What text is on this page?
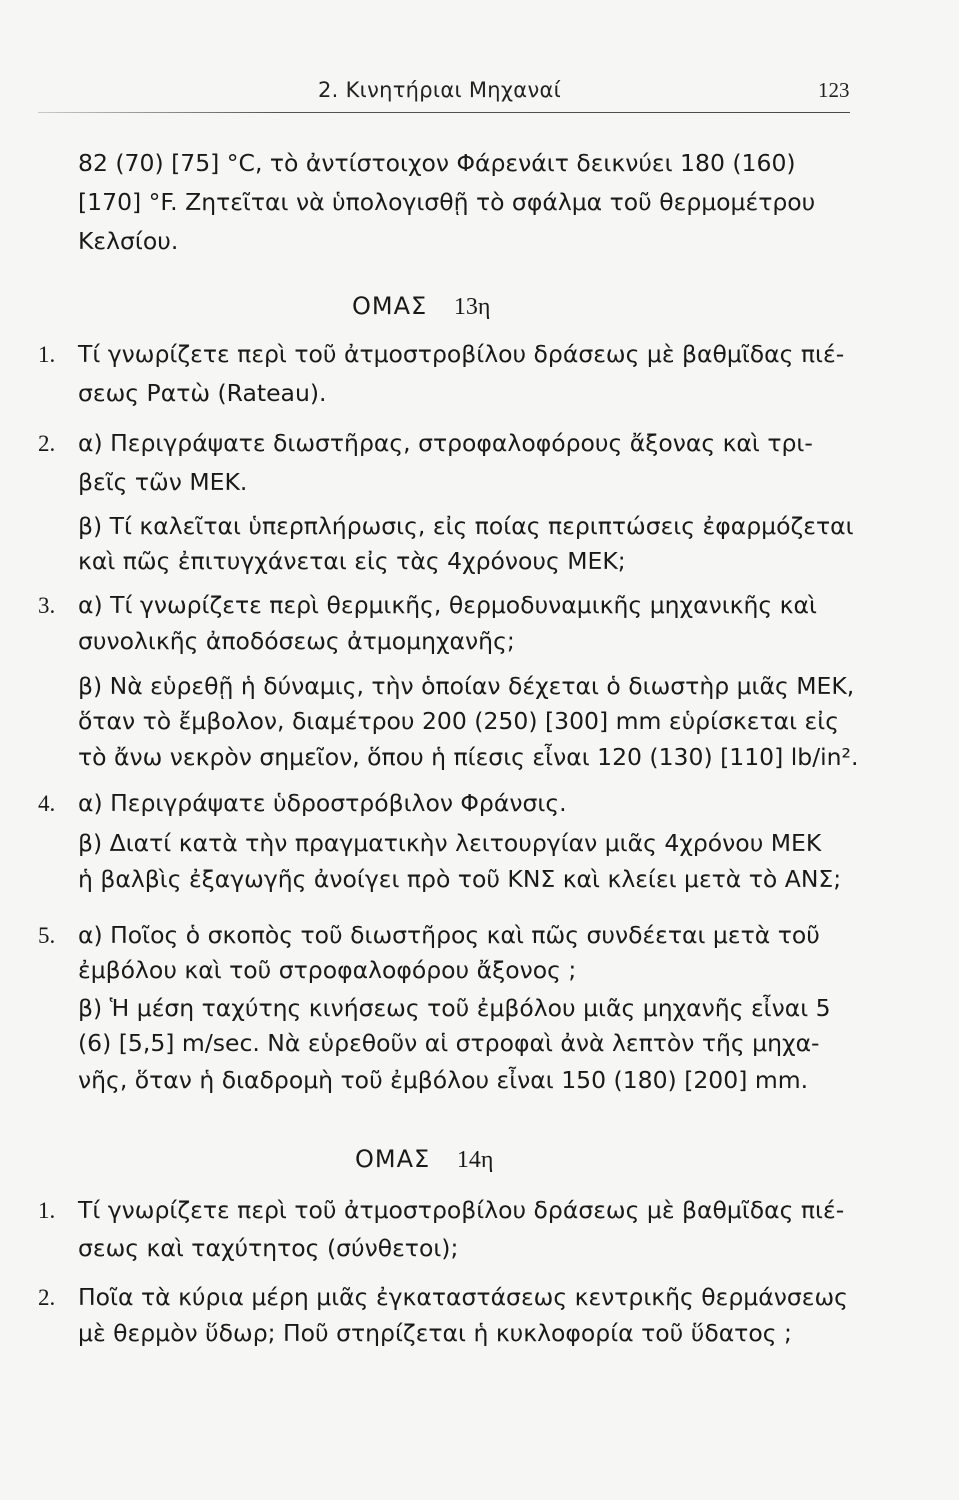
2. Κινητήριαι Μηχαναί	123
82 (70) [75] °C, τὸ ἀντίστοιχον Φάρενάιτ δεικνύει 180 (160)
[170] °F. Ζητεῖται νὰ ὑπολογισθῇ τὸ σφάλμα τοῦ θερμομέτρου
Κελσίου.
ΟΜΑΣ 13η
1. Τί γνωρίζετε περὶ τοῦ ἀτμοστροβίλου δράσεως μὲ βαθμῖδας πιέ-
σεως Ρατὼ (Rateau).
2. α) Περιγράψατε διωστῆρας, στροφαλοφόρους ἄξονας καὶ τρι-
βεῖς τῶν ΜΕΚ.
β) Τί καλεῖται ὑπερπλήρωσις, εἰς ποίας περιπτώσεις ἐφαρμόζεται
καὶ πῶς ἐπιτυγχάνεται εἰς τὰς 4χρόνους ΜΕΚ;
3. α) Τί γνωρίζετε περὶ θερμικῆς, θερμοδυναμικῆς μηχανικῆς καὶ
συνολικῆς ἀποδόσεως ἀτμομηχανῆς;
β) Νὰ εὑρεθῇ ἡ δύναμις, τὴν ὁποίαν δέχεται ὁ διωστὴρ μιᾶς ΜΕΚ,
ὅταν τὸ ἔμβολον, διαμέτρου 200 (250) [300] mm εὑρίσκεται εἰς
τὸ ἄνω νεκρὸν σημεῖον, ὅπου ἡ πίεσις εἶναι 120 (130) [110] lb/in².
4. α) Περιγράψατε ὑδροστρόβιλον Φράνσις.
β) Διατί κατὰ τὴν πραγματικὴν λειτουργίαν μιᾶς 4χρόνου ΜΕΚ
ἡ βαλβὶς ἐξαγωγῆς ἀνοίγει πρὸ τοῦ ΚΝΣ καὶ κλείει μετὰ τὸ ΑΝΣ;
5. α) Ποῖος ὁ σκοπὸς τοῦ διωστῆρος καὶ πῶς συνδέεται μετὰ τοῦ
ἐμβόλου καὶ τοῦ στροφαλοφόρου ἄξονος ;
β) Ἡ μέση ταχύτης κινήσεως τοῦ ἐμβόλου μιᾶς μηχανῆς εἶναι 5
(6) [5,5] m/sec. Νὰ εὑρεθοῦν αἱ στροφαὶ ἀνὰ λεπτὸν τῆς μηχα-
νῆς, ὅταν ἡ διαδρομὴ τοῦ ἐμβόλου εἶναι 150 (180) [200] mm.
ΟΜΑΣ 14η
1. Τί γνωρίζετε περὶ τοῦ ἀτμοστροβίλου δράσεως μὲ βαθμῖδας πιέ-
σεως καὶ ταχύτητος (σύνθετοι);
2. Ποῖα τὰ κύρια μέρη μιᾶς ἐγκαταστάσεως κεντρικῆς θερμάνσεως
μὲ θερμὸν ὕδωρ; Ποῦ στηρίζεται ἡ κυκλοφορία τοῦ ὕδατος ;
